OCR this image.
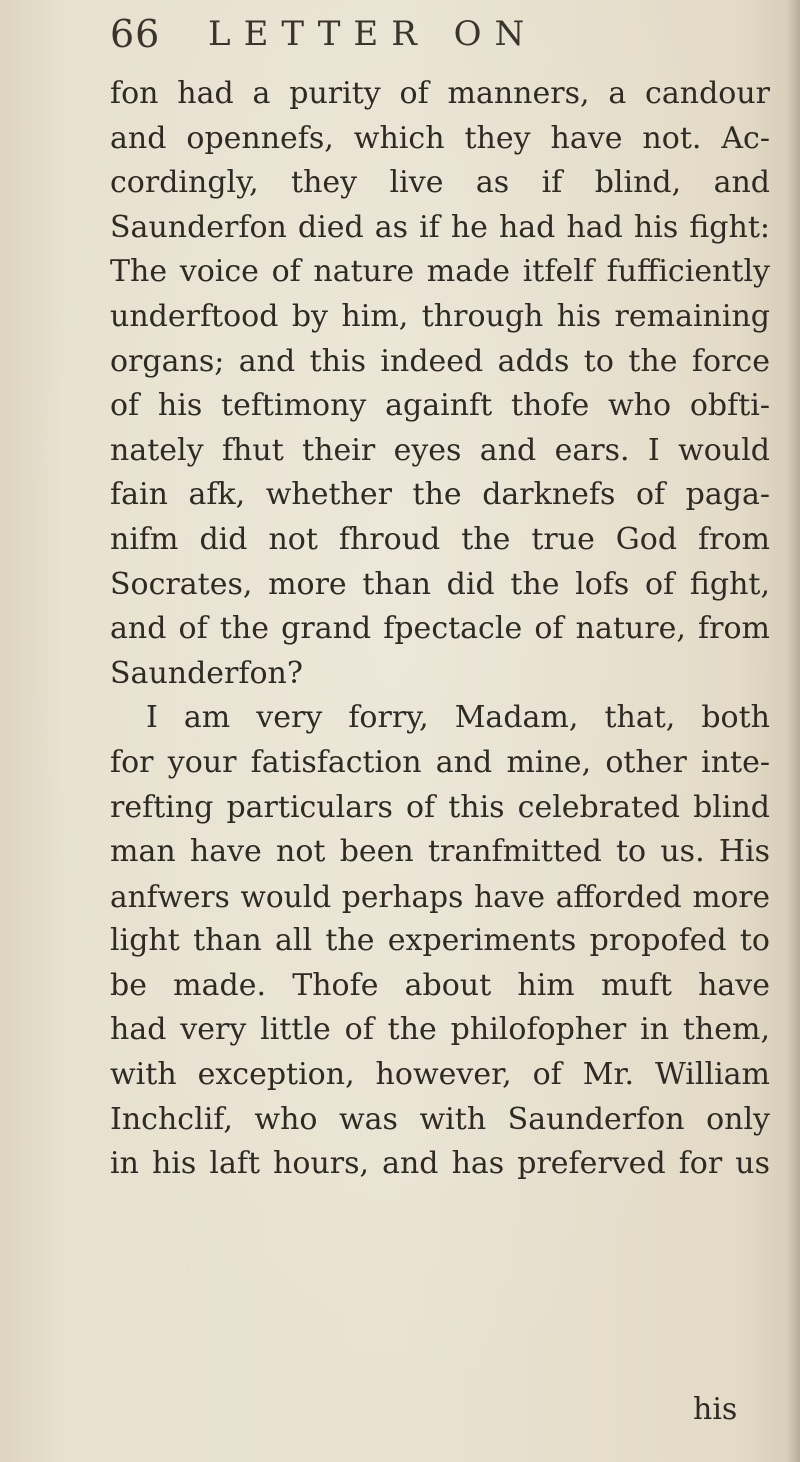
66 LETTER ON
fon had a purity of manners, a candour
and opennefs, which they have not. Ac-
cordingly, they live as if blind, and
Saunderfon died as if he had had his fight:
The voice of nature made itfelf fufficiently
underftood by him, through his remaining
organs; and this indeed adds to the force
of his teftimony againft thofe who obfti-
nately fhut their eyes and ears. I would
fain afk, whether the darknefs of paga-
nifm did not fhroud the true God from
Socrates, more than did the lofs of fight,
and of the grand fpectacle of nature, from
Saunderfon?
I am very forry, Madam, that, both
for your fatisfaction and mine, other inte-
refting particulars of this celebrated blind
man have not been tranfmitted to us. His
anfwers would perhaps have afforded more
light than all the experiments propofed to
be made. Thofe about him muft have
had very little of the philofopher in them,
with exception, however, of Mr. William
Inchclif, who was with Saunderfon only
in his laft hours, and has preferved for us
his
